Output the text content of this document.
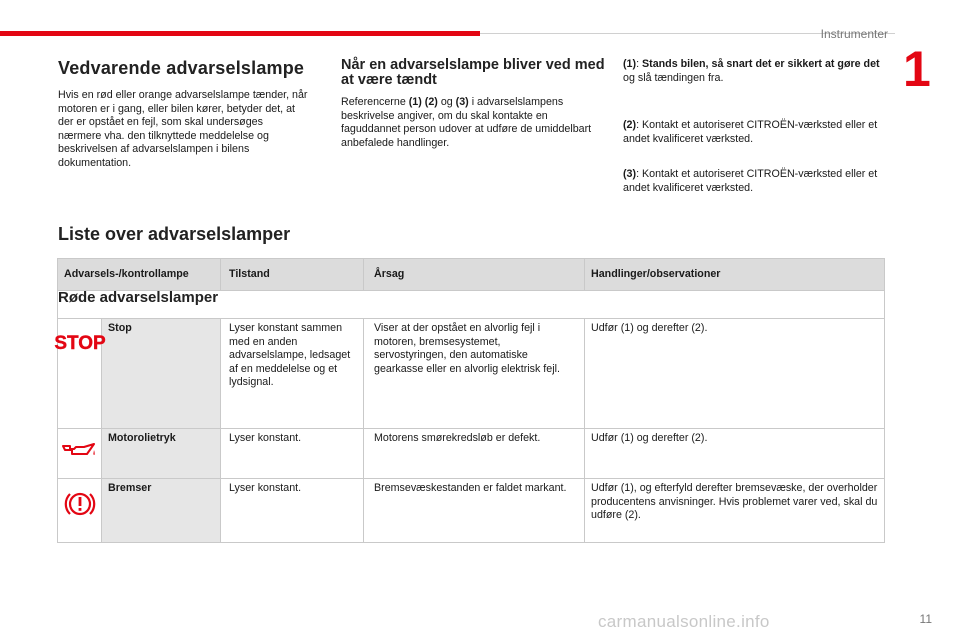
Instrumenter
1
Vedvarende advarselslampe
Hvis en rød eller orange advarselslampe tænder, når motoren er i gang, eller bilen kører, betyder det, at der er opstået en fejl, som skal undersøges nærmere vha. den tilknyttede meddelelse og beskrivelsen af advarselslampen i bilens dokumentation.
Når en advarselslampe bliver ved med at være tændt
Referencerne (1) (2) og (3) i advarselslampens beskrivelse angiver, om du skal kontakte en faguddannet person udover at udføre de umiddelbart anbefalede handlinger.
(1): Stands bilen, så snart det er sikkert at gøre det og slå tændingen fra.
(2): Kontakt et autoriseret CITROËN-værksted eller et andet kvalificeret værksted.
(3): Kontakt et autoriseret CITROËN-værksted eller et andet kvalificeret værksted.
Liste over advarselslamper
Advarsels-/kontrollampe		Tilstand	Årsag	Handlinger/observationer
Røde advarselslamper				

STOP	Stop	Lyser konstant sammen med en anden advarselslampe, ledsaget af en meddelelse og et lydsignal.	Viser at der opstået en alvorlig fejl i motoren, bremsesystemet, servostyringen, den automatiske gearkasse eller en alvorlig elektrisk fejl.	Udfør (1) og derefter (2).
	Motorolietryk	Lyser konstant.	Motorens smørekredsløb er defekt.	Udfør (1) og derefter (2).
	Bremser	Lyser konstant.	Bremsevæskestanden er faldet markant.	Udfør (1), og efterfyld derefter bremsevæske, der overholder producentens anvisninger. Hvis problemet varer ved, skal du udføre (2).
carmanualsonline.info	11
